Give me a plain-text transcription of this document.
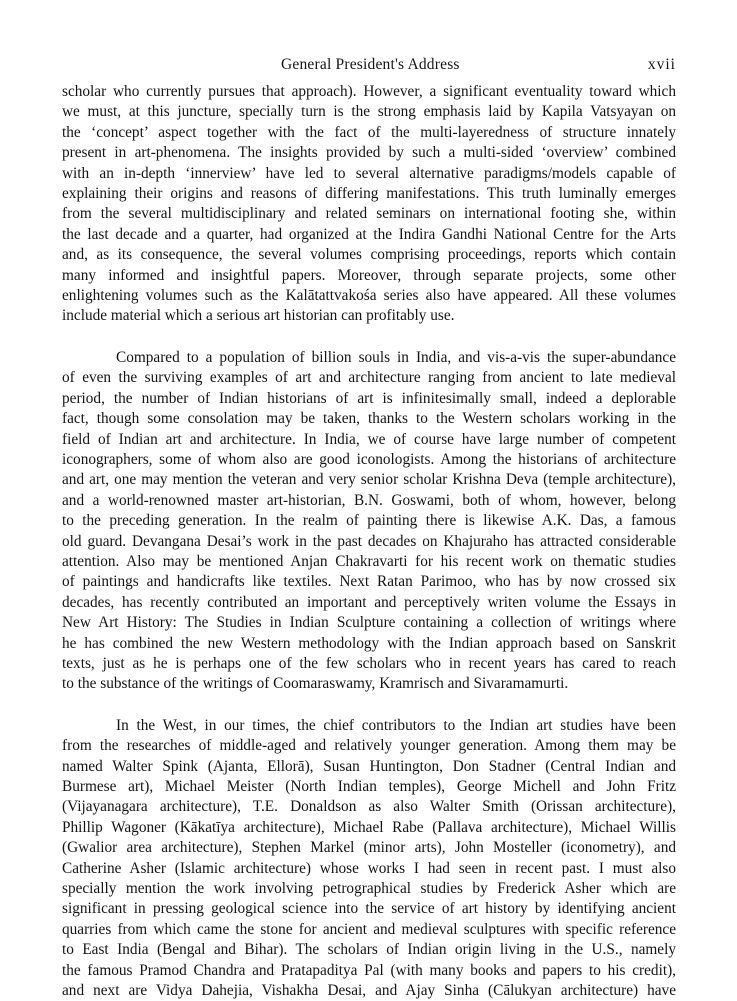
General President's Address	xvii
scholar who currently pursues that approach). However, a significant eventuality toward which
we must, at this juncture, specially turn is the strong emphasis laid by Kapila Vatsyayan on
the ‘concept’ aspect together with the fact of the multi-layeredness of structure innately
present in art-phenomena. The insights provided by such a multi-sided ‘overview’ combined
with an in-depth ‘innerview’ have led to several alternative paradigms/models capable of
explaining their origins and reasons of differing manifestations. This truth luminally emerges
from the several multidisciplinary and related seminars on international footing she, within
the last decade and a quarter, had organized at the Indira Gandhi National Centre for the Arts
and, as its consequence, the several volumes comprising proceedings, reports which contain
many informed and insightful papers. Moreover, through separate projects, some other
enlightening volumes such as the Kalātattvakośa series also have appeared. All these volumes
include material which a serious art historian can profitably use.
Compared to a population of billion souls in India, and vis-a-vis the super-abundance
of even the surviving examples of art and architecture ranging from ancient to late medieval
period, the number of Indian historians of art is infinitesimally small, indeed a deplorable
fact, though some consolation may be taken, thanks to the Western scholars working in the
field of Indian art and architecture. In India, we of course have large number of competent
iconographers, some of whom also are good iconologists. Among the historians of architecture
and art, one may mention the veteran and very senior scholar Krishna Deva (temple architecture),
and a world-renowned master art-historian, B.N. Goswami, both of whom, however, belong
to the preceding generation. In the realm of painting there is likewise A.K. Das, a famous
old guard. Devangana Desai’s work in the past decades on Khajuraho has attracted considerable
attention. Also may be mentioned Anjan Chakravarti for his recent work on thematic studies
of paintings and handicrafts like textiles. Next Ratan Parimoo, who has by now crossed six
decades, has recently contributed an important and perceptively writen volume the Essays in
New Art History: The Studies in Indian Sculpture containing a collection of writings where
he has combined the new Western methodology with the Indian approach based on Sanskrit
texts, just as he is perhaps one of the few scholars who in recent years has cared to reach
to the substance of the writings of Coomaraswamy, Kramrisch and Sivaramamurti.
In the West, in our times, the chief contributors to the Indian art studies have been
from the researches of middle-aged and relatively younger generation. Among them may be
named Walter Spink (Ajanta, Ellorā), Susan Huntington, Don Stadner (Central Indian and
Burmese art), Michael Meister (North Indian temples), George Michell and John Fritz
(Vijayanagara architecture), T.E. Donaldson as also Walter Smith (Orissan architecture),
Phillip Wagoner (Kākatīya architecture), Michael Rabe (Pallava architecture), Michael Willis
(Gwalior area architecture), Stephen Markel (minor arts), John Mosteller (iconometry), and
Catherine Asher (Islamic architecture) whose works I had seen in recent past. I must also
specially mention the work involving petrographical studies by Frederick Asher which are
significant in pressing geological science into the service of art history by identifying ancient
quarries from which came the stone for ancient and medieval sculptures with specific reference
to East India (Bengal and Bihar). The scholars of Indian origin living in the U.S., namely
the famous Pramod Chandra and Pratapaditya Pal (with many books and papers to his credit),
and next are Vidya Dahejia, Vishakha Desai, and Ajay Sinha (Cālukyan architecture) have
